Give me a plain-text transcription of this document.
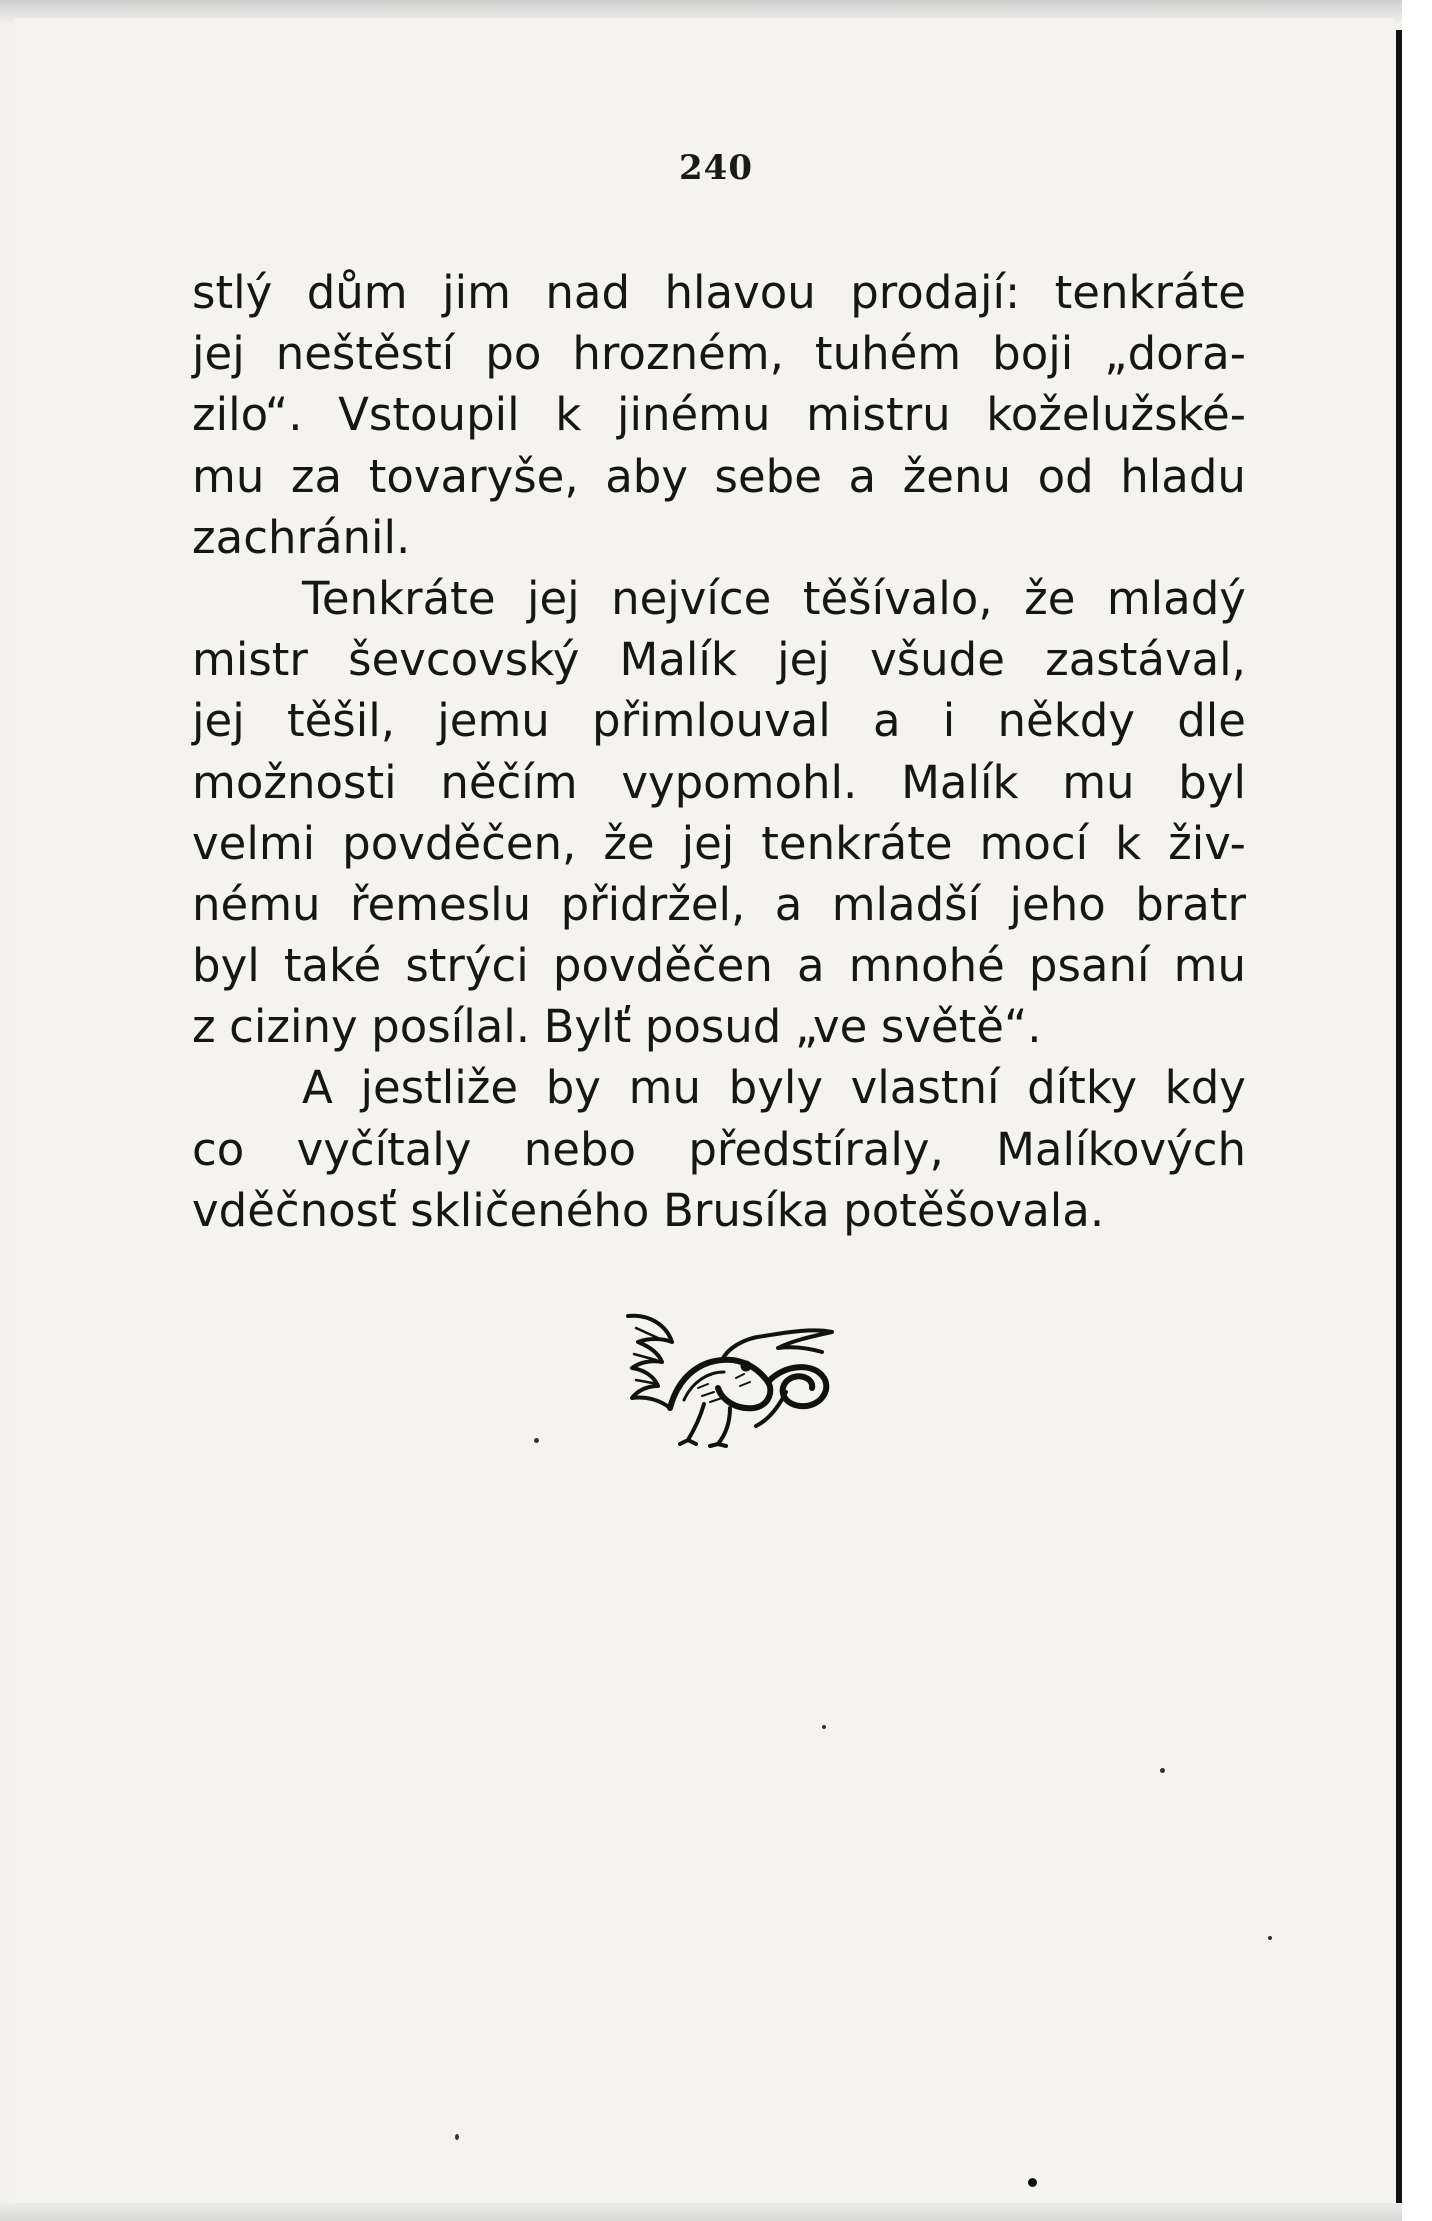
240
stlý dům jim nad hlavou prodají: tenkráte
jej neštěstí po hrozném, tuhém boji „dora-
zilo“. Vstoupil k jinému mistru koželužské-
mu za tovaryše, aby sebe a ženu od hladu
zachránil.
Tenkráte jej nejvíce těšívalo, že mladý
mistr ševcovský Malík jej všude zastával,
jej těšil, jemu přimlouval a i někdy dle
možnosti něčím vypomohl. Malík mu byl
velmi povděčen, že jej tenkráte mocí k živ-
nému řemeslu přidržel, a mladší jeho bratr
byl také strýci povděčen a mnohé psaní mu
z ciziny posílal. Bylť posud „ve světě“.
A jestliže by mu byly vlastní dítky kdy
co vyčítaly nebo předstíraly, Malíkových
vděčnosť skličeného Brusíka potěšovala.
